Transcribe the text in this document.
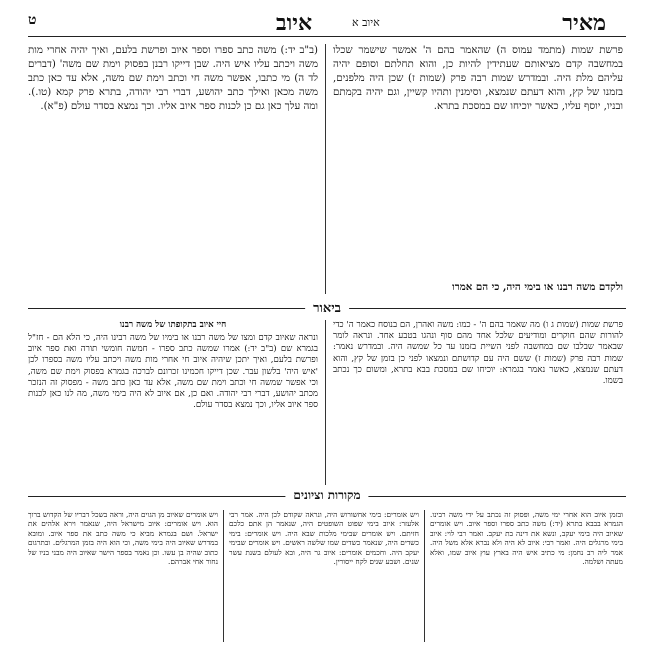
ט	איוב	איוב א	מאיר
(ב"ב יד:) משה כתב ספרו וספר איוב ופרשת בלעם, ואיך יהיה אחרי מות משה ויכתב עליו איש היה. שבן דייקו רבנן בפסוק וימת שם משה' (דברים לד ה) מי כתבו, אפשר משה חי וכתב וימת שם משה, אלא עד כאן כתב משה מכאן ואילך כתב יהושע, דברי רבי יהודה, בתרא פרק קמא (טו.). ומה עלך כאן גם כן לכנות ספר איוב אליו. וכך נמצא בסדר עולם (פ"א).
פרשת שמות (מתמד עמוס ה) שהאמר בהם ה' אמשר שישמר שכלו במחשבה קדם מציאותם שעתידין להיות כן, והוא תחלתם וסופם יהיה עליהם מלת היה. ובמדרש שמות רבה פרק (שמות ז) שכן היה מלפנים, בזמנו של קץ, והוא דעתם שנמצא, וסימנין ותהיו קשיין, וגם יהיה בקמתם ובניו, יוסף עליו, כאשר יוכיחו שם במסכת בתרא.
ולקדם משה רבנו או בימי היה, כי הם אמרו
ביאור
חיי איוב בתקופתו של משה רבנו
ונראה שאיוב קדם ומצו של משה רבנו או בימיו של משה רבינו היה, כי הלא הם - חז"ל בגמרא שם (ב"ב יד:) אמרו שמשה כתב ספרו - חמשה חומשי תורה ואת ספר איוב ופרשת בלעם, ואיך יתכן שיהיה איוב חי אחרי מות משה ויכתב עליו משה בספרו לכן 'איש היה' בלשון עבר. שכן דייקו חכמינו זכרונם לברכה בגמרא בפסוק וימת שם משה, וכי אפשר שמשה חי וכתב וימת שם משה, אלא עד כאן כתב משה - מפסוק זה הנזכר מכתב יהושע, דברי רבי יהודה. ואם כן, אם איוב לא היה בימי משה, מה לנו כאן לכנות ספר איוב אליו, וכך נמצא בסדר עולם.
פרשת שמות (שמות ג ו) מה שאמר בהם ה' - כמו: משה ואהרן, הם בנוסח כאמר ה' כדי להורות שהם חוקרים ומודיעים שלכל אחד מהם סוף ונהגו בטבע אחד. ונראה לומר שבאמר שבלבו שם במחשבה לפני השיית בזמנו עד כל שמשה היה. ובמדרש נאמר: שמות רבה פרק (שמות ז) ששם היה עם קדושתם ונמצאו לפני כן בזמן של קץ, והוא דעתם שנמצא, כאשר נאמר בגמרא: יוכיחו שם במסכת בבא בתרא, ומשום כך נכתב בשמו.
מקורות וציונים
ויש אומרים שאיוב מן הגוים היה, וראה בשכל דבריו של הקדוש ברוך הוא. ויש אומרים: איוב מישראל היה, שנאמר וירא אלהים את ישראל. ושם בגמרא מביא כי משה כתב את ספר איוב. ומובא במדרש שאיוב היה בימי משה, וכי הוא היה בזמן המרגלים. ובתרגום כתוב שהיה בן עשו. וכן נאמר בספר הישר שאיוב היה מבני בניו של נחור אחי אברהם.
ויש אומרים: בימי אחשורוש היה, ונראה שקודם לכן היה. אמר רבי אלעזר: איוב בימי שפוט השופטים היה, שנאמר הן אתם כלכם חזיתם. ויש אומרים שבימי מלכות שבא היה. ויש אומרים: בימי כשדים היה, שנאמר כשדים שמו שלשה ראשים. ויש אומרים שבימי יעקב היה. וחכמים אומרים: איוב גר היה, ובא לעולם בשנת עשר שנים. ושבע שנים לקח ייסורין.
ובזמן איוב הוא אחרי ימי משה, ופסוק זה נכתב על ידי משה רבינו. הגמרא בבבא בתרא (יד:) משה כתב ספרו וספר איוב. ויש אומרים שאיוב היה בימי יעקב, ונשא את דינה בת יעקב. ואמר רבי לוי: איוב בימי מרגלים היה. ואמר רבי: איוב לא היה ולא נברא אלא משל היה. אמר ליה רב נחמן: מי כתיב איש היה בארץ עוץ איוב שמו, ואלא מעתה ושלמה.
